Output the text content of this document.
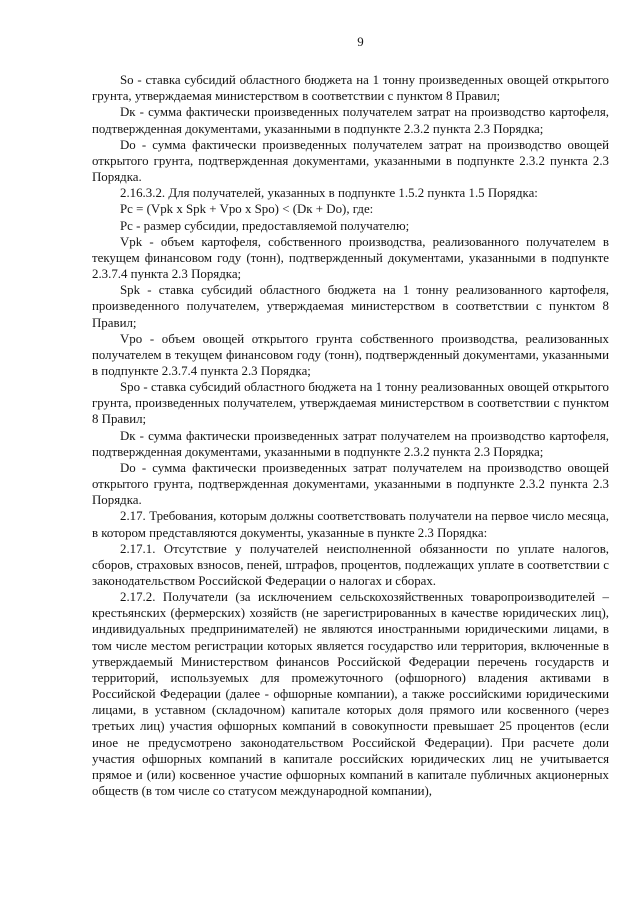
9

So - ставка субсидий областного бюджета на 1 тонну произведенных овощей открытого грунта, утверждаемая министерством в соответствии с пунктом 8 Правил;

Dк - сумма фактически произведенных получателем затрат на производство картофеля, подтвержденная документами, указанными в подпункте 2.3.2 пункта 2.3 Порядка;

Do - сумма фактически произведенных получателем затрат на производство овощей открытого грунта, подтвержденная документами, указанными в подпункте 2.3.2 пункта 2.3 Порядка.

2.16.3.2. Для получателей, указанных в подпункте 1.5.2 пункта 1.5 Порядка:

Pc = (Vpk x Spk + Vpo x Spo) < (Dк + Do), где:

Pc - размер субсидии, предоставляемой получателю;

Vpk - объем картофеля, собственного производства, реализованного получателем в текущем финансовом году (тонн), подтвержденный документами, указанными в подпункте 2.3.7.4 пункта 2.3 Порядка;

Spk - ставка субсидий областного бюджета на 1 тонну реализованного картофеля, произведенного получателем, утверждаемая министерством в соответствии с пунктом 8 Правил;

Vpo - объем овощей открытого грунта собственного производства, реализованных получателем в текущем финансовом году (тонн), подтвержденный документами, указанными в подпункте 2.3.7.4 пункта 2.3 Порядка;

Spo - ставка субсидий областного бюджета на 1 тонну реализованных овощей открытого грунта, произведенных получателем, утверждаемая министерством в соответствии с пунктом 8 Правил;

Dк - сумма фактически произведенных затрат получателем на производство картофеля, подтвержденная документами, указанными в подпункте 2.3.2 пункта 2.3 Порядка;

Do - сумма фактически произведенных затрат получателем на производство овощей открытого грунта, подтвержденная документами, указанными в подпункте 2.3.2 пункта 2.3 Порядка.

2.17. Требования, которым должны соответствовать получатели на первое число месяца, в котором представляются документы, указанные в пункте 2.3 Порядка:

2.17.1. Отсутствие у получателей неисполненной обязанности по уплате налогов, сборов, страховых взносов, пеней, штрафов, процентов, подлежащих уплате в соответствии с законодательством Российской Федерации о налогах и сборах.

2.17.2. Получатели (за исключением сельскохозяйственных товаропроизводителей – крестьянских (фермерских) хозяйств (не зарегистрированных в качестве юридических лиц), индивидуальных предпринимателей) не являются иностранными юридическими лицами, в том числе местом регистрации которых является государство или территория, включенные в утверждаемый Министерством финансов Российской Федерации перечень государств и территорий, используемых для промежуточного (офшорного) владения активами в Российской Федерации (далее - офшорные компании), а также российскими юридическими лицами, в уставном (складочном) капитале которых доля прямого или косвенного (через третьих лиц) участия офшорных компаний в совокупности превышает 25 процентов (если иное не предусмотрено законодательством Российской Федерации). При расчете доли участия офшорных компаний в капитале российских юридических лиц не учитывается прямое и (или) косвенное участие офшорных компаний в капитале публичных акционерных обществ (в том числе со статусом международной компании),
